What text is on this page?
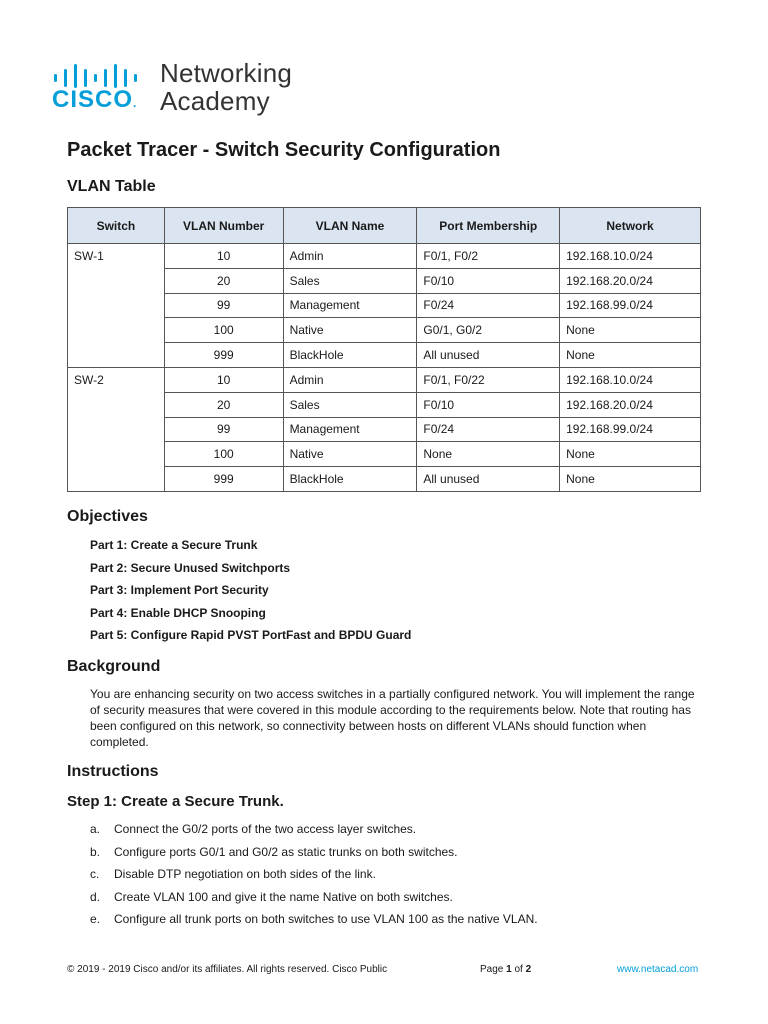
CISCO.
Networking
Academy
Packet Tracer - Switch Security Configuration
VLAN Table
Switch	VLAN Number	VLAN Name	Port Membership	Network
SW-1	10	Admin	F0/1, F0/2	192.168.10.0/24
	20	Sales	F0/10	192.168.20.0/24
	99	Management	F0/24	192.168.99.0/24
	100	Native	G0/1, G0/2	None
	999	BlackHole	All unused	None
SW-2	10	Admin	F0/1, F0/22	192.168.10.0/24
	20	Sales	F0/10	192.168.20.0/24
	99	Management	F0/24	192.168.99.0/24
	100	Native	None	None
	999	BlackHole	All unused	None
Objectives
Part 1: Create a Secure Trunk
Part 2: Secure Unused Switchports
Part 3: Implement Port Security
Part 4: Enable DHCP Snooping
Part 5: Configure Rapid PVST PortFast and BPDU Guard
Background
You are enhancing security on two access switches in a partially configured network. You will implement the range of security measures that were covered in this module according to the requirements below. Note that routing has been configured on this network, so connectivity between hosts on different VLANs should function when completed.
Instructions
Step 1: Create a Secure Trunk.
a.	Connect the G0/2 ports of the two access layer switches.
b.	Configure ports G0/1 and G0/2 as static trunks on both switches.
c.	Disable DTP negotiation on both sides of the link.
d.	Create VLAN 100 and give it the name Native on both switches.
e.	Configure all trunk ports on both switches to use VLAN 100 as the native VLAN.
© 2019 - 2019 Cisco and/or its affiliates. All rights reserved. Cisco Public	Page 1 of 2	www.netacad.com
